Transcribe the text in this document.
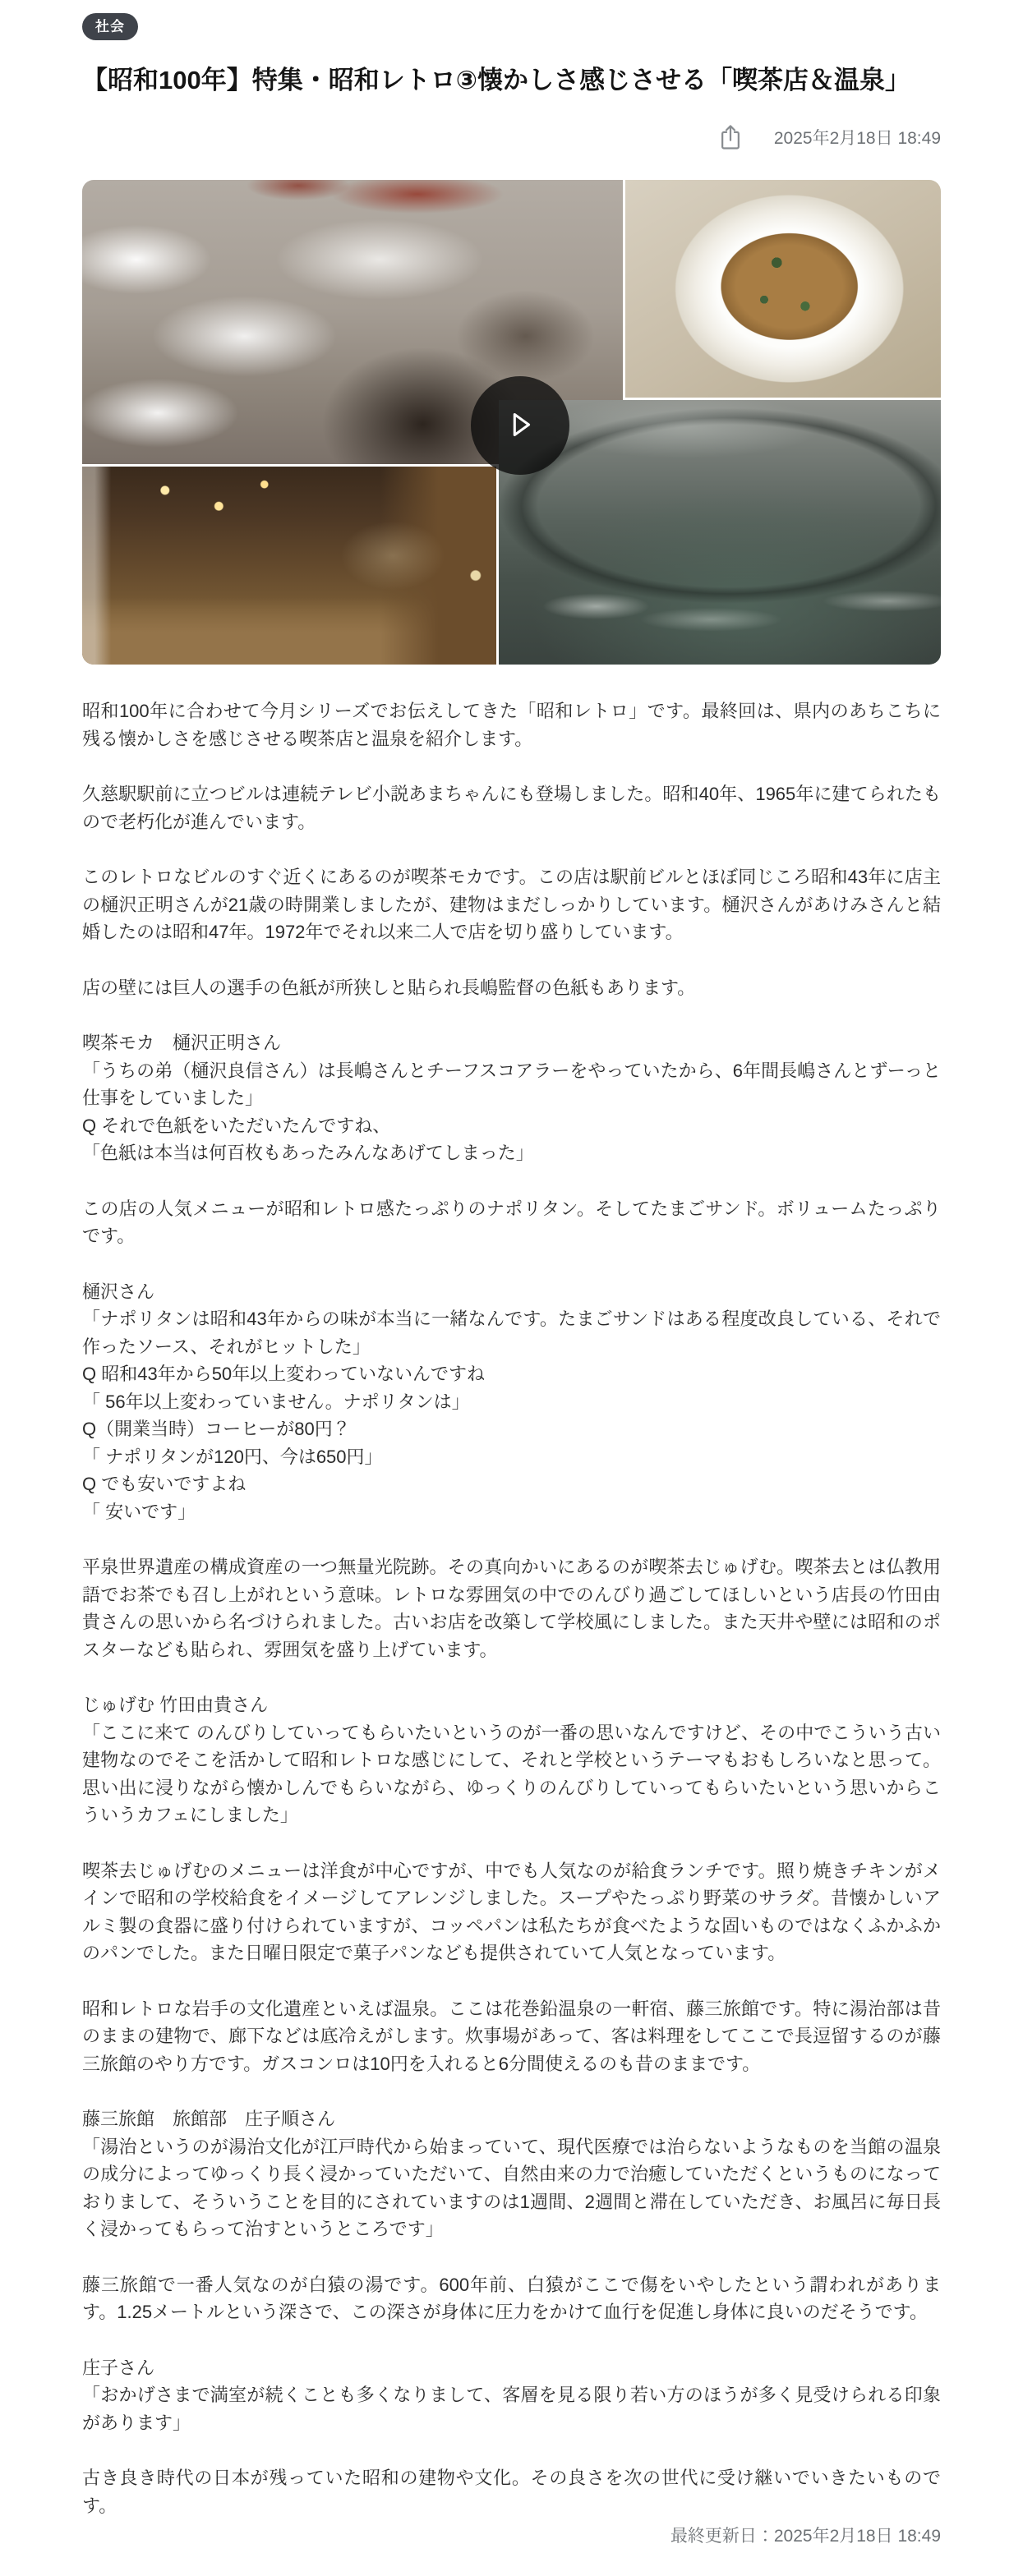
社会
【昭和100年】特集・昭和レトロ③懐かしさ感じさせる「喫茶店＆温泉」
2025年2月18日 18:49

昭和100年に合わせて今月シリーズでお伝えしてきた「昭和レトロ」です。最終回は、県内のあちこちに残る懐かしさを感じさせる喫茶店と温泉を紹介します。

久慈駅駅前に立つビルは連続テレビ小説あまちゃんにも登場しました。昭和40年、1965年に建てられたもので老朽化が進んでいます。

このレトロなビルのすぐ近くにあるのが喫茶モカです。この店は駅前ビルとほぼ同じころ昭和43年に店主の樋沢正明さんが21歳の時開業しましたが、建物はまだしっかりしています。樋沢さんがあけみさんと結婚したのは昭和47年。1972年でそれ以来二人で店を切り盛りしています。

店の壁には巨人の選手の色紙が所狭しと貼られ長嶋監督の色紙もあります。

喫茶モカ　樋沢正明さん
「うちの弟（樋沢良信さん）は長嶋さんとチーフスコアラーをやっていたから、6年間長嶋さんとずーっと仕事をしていました」
Q それで色紙をいただいたんですね、
「色紙は本当は何百枚もあったみんなあげてしまった」

この店の人気メニューが昭和レトロ感たっぷりのナポリタン。そしてたまごサンド。ボリュームたっぷりです。

樋沢さん
「ナポリタンは昭和43年からの味が本当に一緒なんです。たまごサンドはある程度改良している、それで作ったソース、それがヒットした」
Q 昭和43年から50年以上変わっていないんですね
「 56年以上変わっていません。ナポリタンは」
Q（開業当時）コーヒーが80円？
「 ナポリタンが120円、今は650円」
Q でも安いですよね
「 安いです」

平泉世界遺産の構成資産の一つ無量光院跡。その真向かいにあるのが喫茶去じゅげむ。喫茶去とは仏教用語でお茶でも召し上がれという意味。レトロな雰囲気の中でのんびり過ごしてほしいという店長の竹田由貴さんの思いから名づけられました。古いお店を改築して学校風にしました。また天井や壁には昭和のポスターなども貼られ、雰囲気を盛り上げています。

じゅげむ 竹田由貴さん
「ここに来て のんびりしていってもらいたいというのが一番の思いなんですけど、その中でこういう古い建物なのでそこを活かして昭和レトロな感じにして、それと学校というテーマもおもしろいなと思って。思い出に浸りながら懐かしんでもらいながら、ゆっくりのんびりしていってもらいたいという思いからこういうカフェにしました」

喫茶去じゅげむのメニューは洋食が中心ですが、中でも人気なのが給食ランチです。照り焼きチキンがメインで昭和の学校給食をイメージしてアレンジしました。スープやたっぷり野菜のサラダ。昔懐かしいアルミ製の食器に盛り付けられていますが、コッペパンは私たちが食べたような固いものではなくふかふかのパンでした。また日曜日限定で菓子パンなども提供されていて人気となっています。

昭和レトロな岩手の文化遺産といえば温泉。ここは花巻鉛温泉の一軒宿、藤三旅館です。特に湯治部は昔のままの建物で、廊下などは底冷えがします。炊事場があって、客は料理をしてここで長逗留するのが藤三旅館のやり方です。ガスコンロは10円を入れると6分間使えるのも昔のままです。

藤三旅館　旅館部　庄子順さん
「湯治というのが湯治文化が江戸時代から始まっていて、現代医療では治らないようなものを当館の温泉の成分によってゆっくり長く浸かっていただいて、自然由来の力で治癒していただくというものになっておりまして、そういうことを目的にされていますのは1週間、2週間と滞在していただき、お風呂に毎日長く浸かってもらって治すというところです」

藤三旅館で一番人気なのが白猿の湯です。600年前、白猿がここで傷をいやしたという謂われがあります。1.25メートルという深さで、この深さが身体に圧力をかけて血行を促進し身体に良いのだそうです。

庄子さん
「おかげさまで満室が続くことも多くなりまして、客層を見る限り若い方のほうが多く見受けられる印象があります」

古き良き時代の日本が残っていた昭和の建物や文化。その良さを次の世代に受け継いでいきたいものです。

最終更新日：2025年2月18日 18:49
